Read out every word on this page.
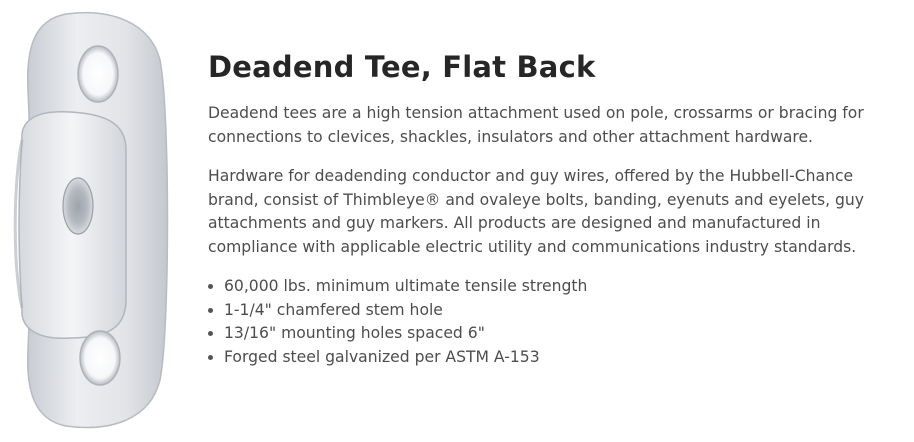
Deadend Tee, Flat Back

Deadend tees are a high tension attachment used on pole, crossarms or bracing for connections to clevices, shackles, insulators and other attachment hardware.

Hardware for deadending conductor and guy wires, offered by the Hubbell-Chance brand, consist of Thimbleye® and ovaleye bolts, banding, eyenuts and eyelets, guy attachments and guy markers. All products are designed and manufactured in compliance with applicable electric utility and communications industry standards.

60,000 lbs. minimum ultimate tensile strength
1-1/4" chamfered stem hole
13/16" mounting holes spaced 6"
Forged steel galvanized per ASTM A-153
